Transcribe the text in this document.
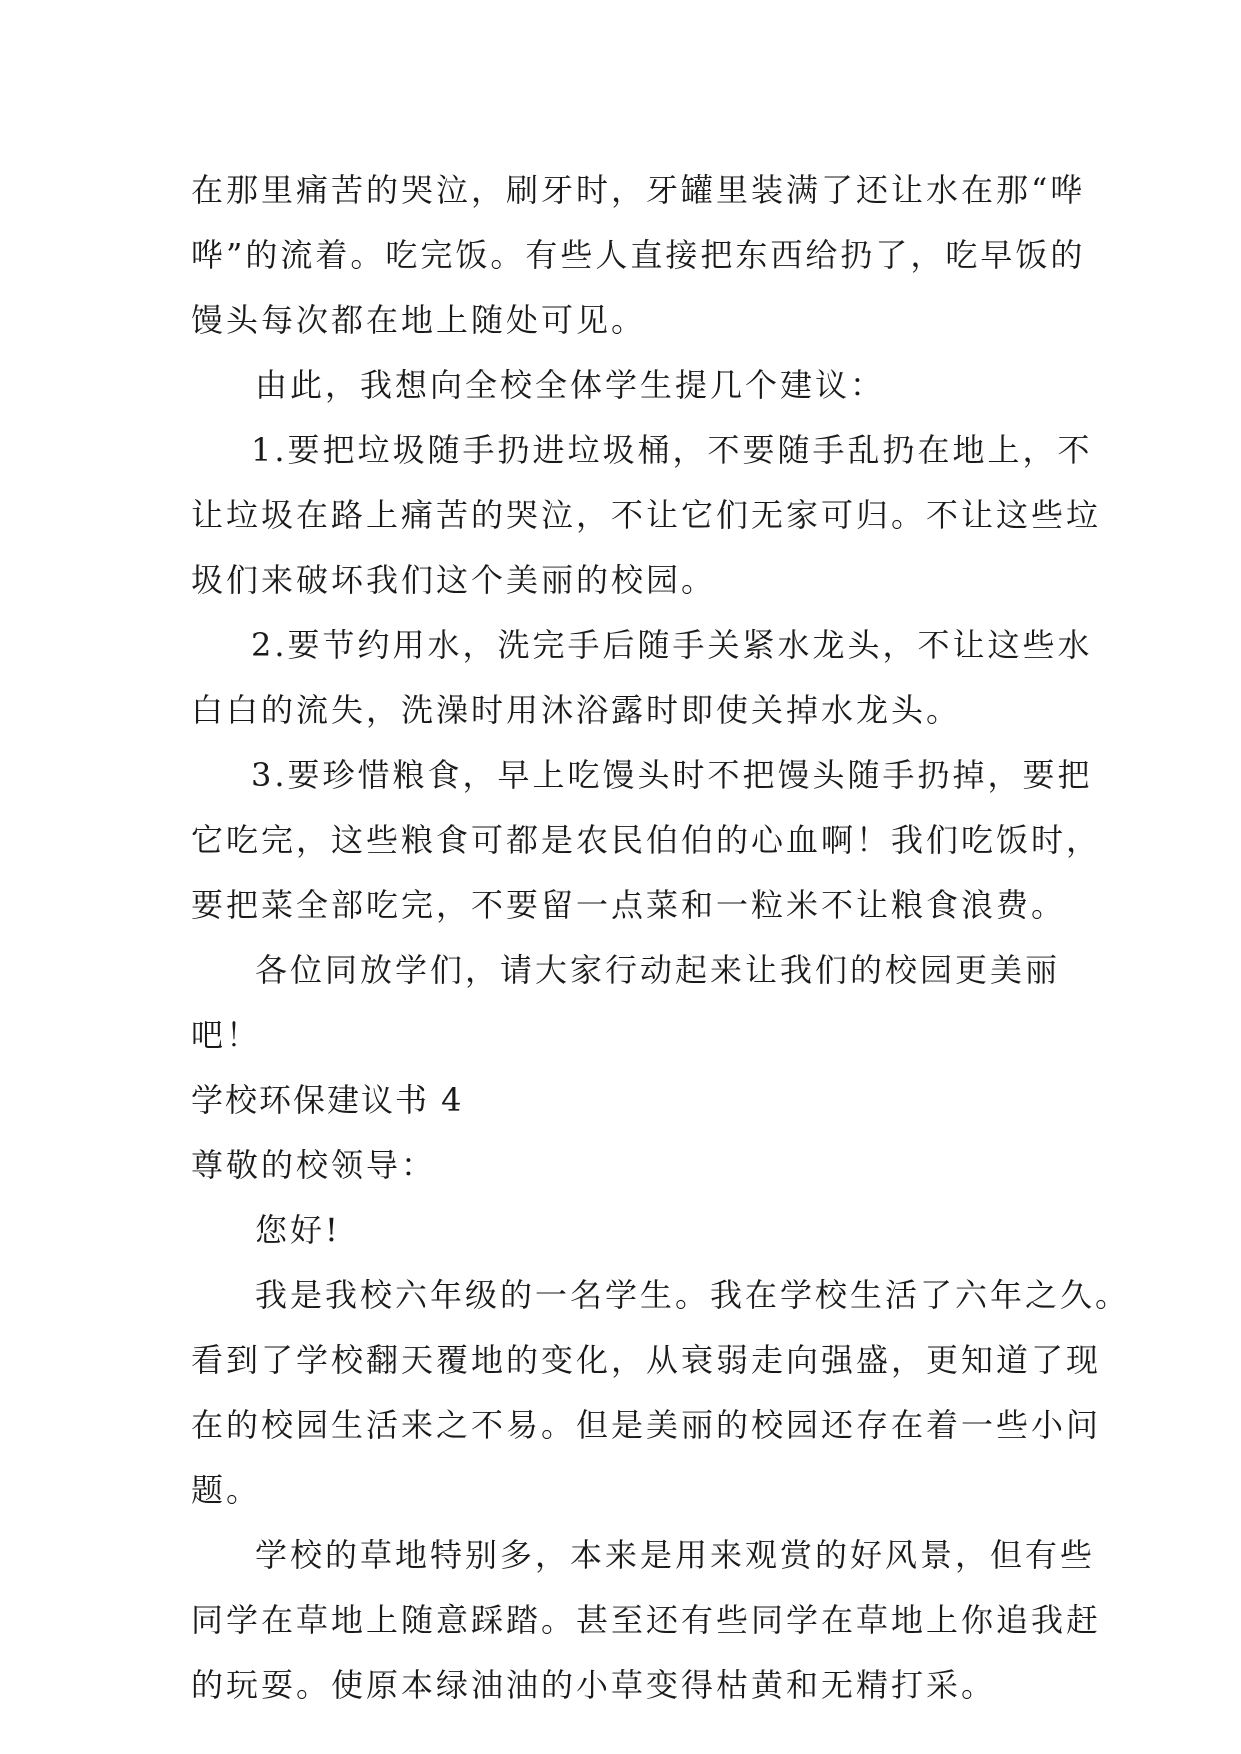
在那里痛苦的哭泣，刷牙时，牙罐里装满了还让水在那“哗
哗”的流着。吃完饭。有些人直接把东西给扔了，吃早饭的
馒头每次都在地上随处可见。
由此，我想向全校全体学生提几个建议：
1.要把垃圾随手扔进垃圾桶，不要随手乱扔在地上，不
让垃圾在路上痛苦的哭泣，不让它们无家可归。不让这些垃
圾们来破坏我们这个美丽的校园。
2.要节约用水，洗完手后随手关紧水龙头，不让这些水
白白的流失，洗澡时用沐浴露时即使关掉水龙头。
3.要珍惜粮食，早上吃馒头时不把馒头随手扔掉，要把
它吃完，这些粮食可都是农民伯伯的心血啊！我们吃饭时，
要把菜全部吃完，不要留一点菜和一粒米不让粮食浪费。
各位同放学们，请大家行动起来让我们的校园更美丽
吧！
学校环保建议书 4
尊敬的校领导：
您好!
我是我校六年级的一名学生。我在学校生活了六年之久。
看到了学校翻天覆地的变化，从衰弱走向强盛，更知道了现
在的校园生活来之不易。但是美丽的校园还存在着一些小问
题。
学校的草地特别多，本来是用来观赏的好风景，但有些
同学在草地上随意踩踏。甚至还有些同学在草地上你追我赶
的玩耍。使原本绿油油的小草变得枯黄和无精打采。
